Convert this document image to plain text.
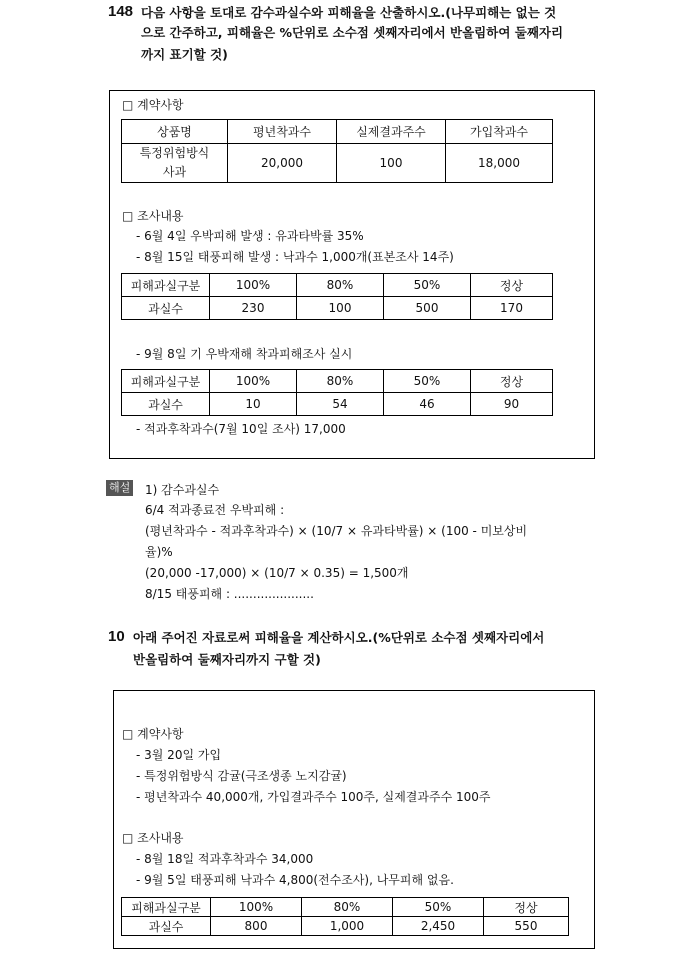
148 다음 사항을 토대로 감수과실수와 피해율을 산출하시오.(나무피해는 없는 것
으로 간주하고, 피해율은 %단위로 소수점 셋째자리에서 반올림하여 둘째자리
까지 표기할 것)
□ 계약사항
상품명	평년착과수	실제결과주수	가입착과수

특정위험방식
사과	20,000	100	18,000
□ 조사내용
- 6월 4일 우박피해 발생 : 유과타박률 35%
- 8월 15일 태풍피해 발생 : 낙과수 1,000개(표본조사 14주)
피해과실구분	100%	80%	50%	정상
과실수	230	100	500	170
- 9월 8일 기 우박재해 착과피해조사 실시
피해과실구분	100%	80%	50%	정상
과실수	10	54	46	90
- 적과후착과수(7월 10일 조사) 17,000
해설 1) 감수과실수
6/4 적과종료전 우박피해 :
(평년착과수 - 적과후착과수) × (10/7 × 유과타박률) × (100 - 미보상비
율)%
(20,000 -17,000) × (10/7 × 0.35) = 1,500개
8/15 태풍피해 : .....................
10 아래 주어진 자료로써 피해율을 계산하시오.(%단위로 소수점 셋째자리에서
반올림하여 둘째자리까지 구할 것)
□ 계약사항
- 3월 20일 가입
- 특정위험방식 감귤(극조생종 노지감귤)
- 평년착과수 40,000개, 가입결과주수 100주, 실제결과주수 100주
□ 조사내용
- 8월 18일 적과후착과수 34,000
- 9월 5일 태풍피해 낙과수 4,800(전수조사), 나무피해 없음.
피해과실구분	100%	80%	50%	정상
과실수	800	1,000	2,450	550
